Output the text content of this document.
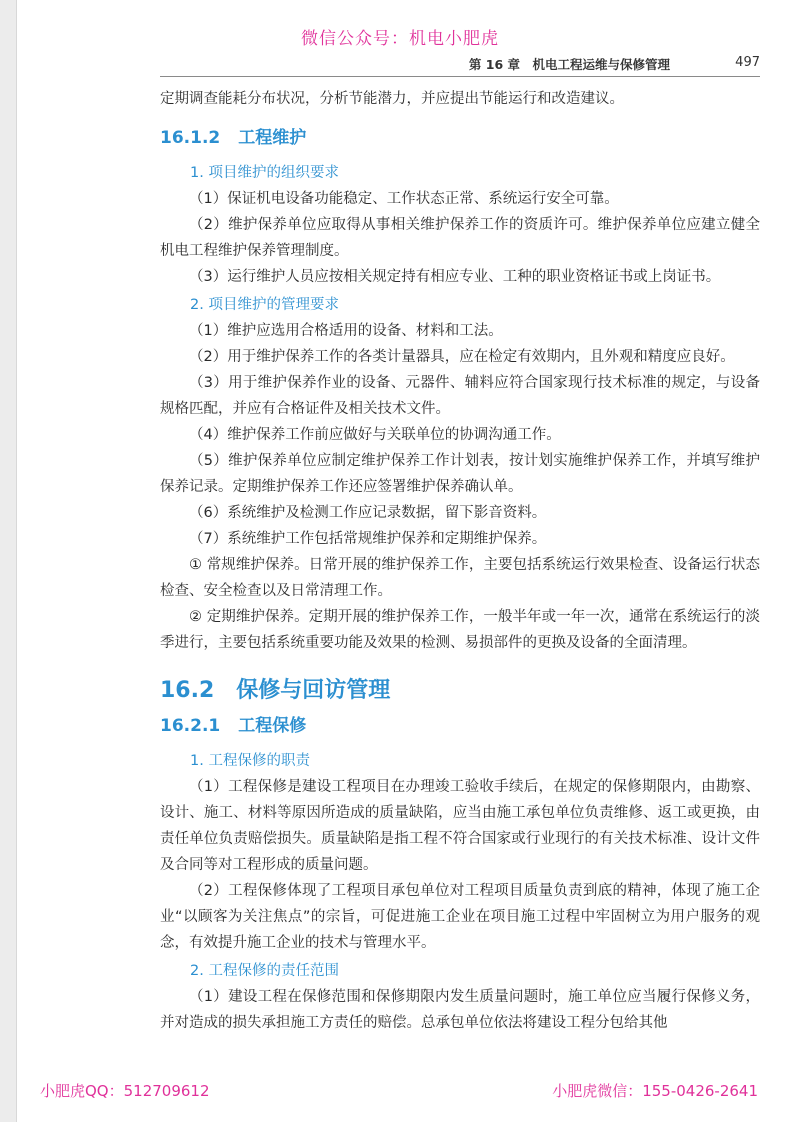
微信公众号：机电小肥虎
第 16 章　机电工程运维与保修管理	497

定期调查能耗分布状况，分析节能潜力，并应提出节能运行和改造建议。

16.1.2 工程维护
1. 项目维护的组织要求

（1）保证机电设备功能稳定、工作状态正常、系统运行安全可靠。

（2）维护保养单位应取得从事相关维护保养工作的资质许可。维护保养单位应建立健全机电工程维护保养管理制度。

（3）运行维护人员应按相关规定持有相应专业、工种的职业资格证书或上岗证书。

2. 项目维护的管理要求

（1）维护应选用合格适用的设备、材料和工法。

（2）用于维护保养工作的各类计量器具，应在检定有效期内，且外观和精度应良好。

（3）用于维护保养作业的设备、元器件、辅料应符合国家现行技术标准的规定，与设备规格匹配，并应有合格证件及相关技术文件。

（4）维护保养工作前应做好与关联单位的协调沟通工作。

（5）维护保养单位应制定维护保养工作计划表，按计划实施维护保养工作，并填写维护保养记录。定期维护保养工作还应签署维护保养确认单。

（6）系统维护及检测工作应记录数据，留下影音资料。

（7）系统维护工作包括常规维护保养和定期维护保养。

① 常规维护保养。日常开展的维护保养工作，主要包括系统运行效果检查、设备运行状态检查、安全检查以及日常清理工作。

② 定期维护保养。定期开展的维护保养工作，一般半年或一年一次，通常在系统运行的淡季进行，主要包括系统重要功能及效果的检测、易损部件的更换及设备的全面清理。

16.2 保修与回访管理
16.2.1 工程保修
1. 工程保修的职责

（1）工程保修是建设工程项目在办理竣工验收手续后，在规定的保修期限内，由勘察、设计、施工、材料等原因所造成的质量缺陷，应当由施工承包单位负责维修、返工或更换，由责任单位负责赔偿损失。质量缺陷是指工程不符合国家或行业现行的有关技术标准、设计文件及合同等对工程形成的质量问题。

（2）工程保修体现了工程项目承包单位对工程项目质量负责到底的精神，体现了施工企业“以顾客为关注焦点”的宗旨，可促进施工企业在项目施工过程中牢固树立为用户服务的观念，有效提升施工企业的技术与管理水平。

2. 工程保修的责任范围

（1）建设工程在保修范围和保修期限内发生质量问题时，施工单位应当履行保修义务，并对造成的损失承担施工方责任的赔偿。总承包单位依法将建设工程分包给其他

小肥虎QQ：512709612	小肥虎微信：155-0426-2641
